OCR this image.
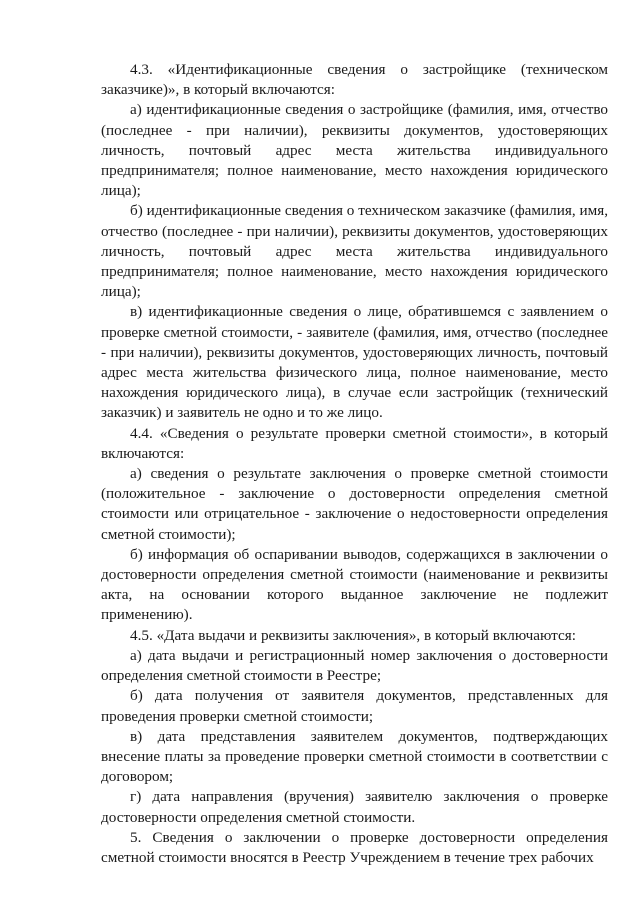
4.3. «Идентификационные сведения о застройщике (техническом заказчике)», в который включаются:

а) идентификационные сведения о застройщике (фамилия, имя, отчество (последнее - при наличии), реквизиты документов, удостоверяющих личность, почтовый адрес места жительства индивидуального предпринимателя; полное наименование, место нахождения юридического лица);

б) идентификационные сведения о техническом заказчике (фамилия, имя, отчество (последнее - при наличии), реквизиты документов, удостоверяющих личность, почтовый адрес места жительства индивидуального предпринимателя; полное наименование, место нахождения юридического лица);

в) идентификационные сведения о лице, обратившемся с заявлением о проверке сметной стоимости, - заявителе (фамилия, имя, отчество (последнее - при наличии), реквизиты документов, удостоверяющих личность, почтовый адрес места жительства физического лица, полное наименование, место нахождения юридического лица), в случае если застройщик (технический заказчик) и заявитель не одно и то же лицо.

4.4. «Сведения о результате проверки сметной стоимости», в который включаются:

а) сведения о результате заключения о проверке сметной стоимости (положительное - заключение о достоверности определения сметной стоимости или отрицательное - заключение о недостоверности определения сметной стоимости);

б) информация об оспаривании выводов, содержащихся в заключении о достоверности определения сметной стоимости (наименование и реквизиты акта, на основании которого выданное заключение не подлежит применению).

4.5. «Дата выдачи и реквизиты заключения», в который включаются:

а) дата выдачи и регистрационный номер заключения о достоверности определения сметной стоимости в Реестре;

б) дата получения от заявителя документов, представленных для проведения проверки сметной стоимости;

в) дата представления заявителем документов, подтверждающих внесение платы за проведение проверки сметной стоимости в соответствии с договором;

г) дата направления (вручения) заявителю заключения о проверке достоверности определения сметной стоимости.

5. Сведения о заключении о проверке достоверности определения сметной стоимости вносятся в Реестр Учреждением в течение трех рабочих
